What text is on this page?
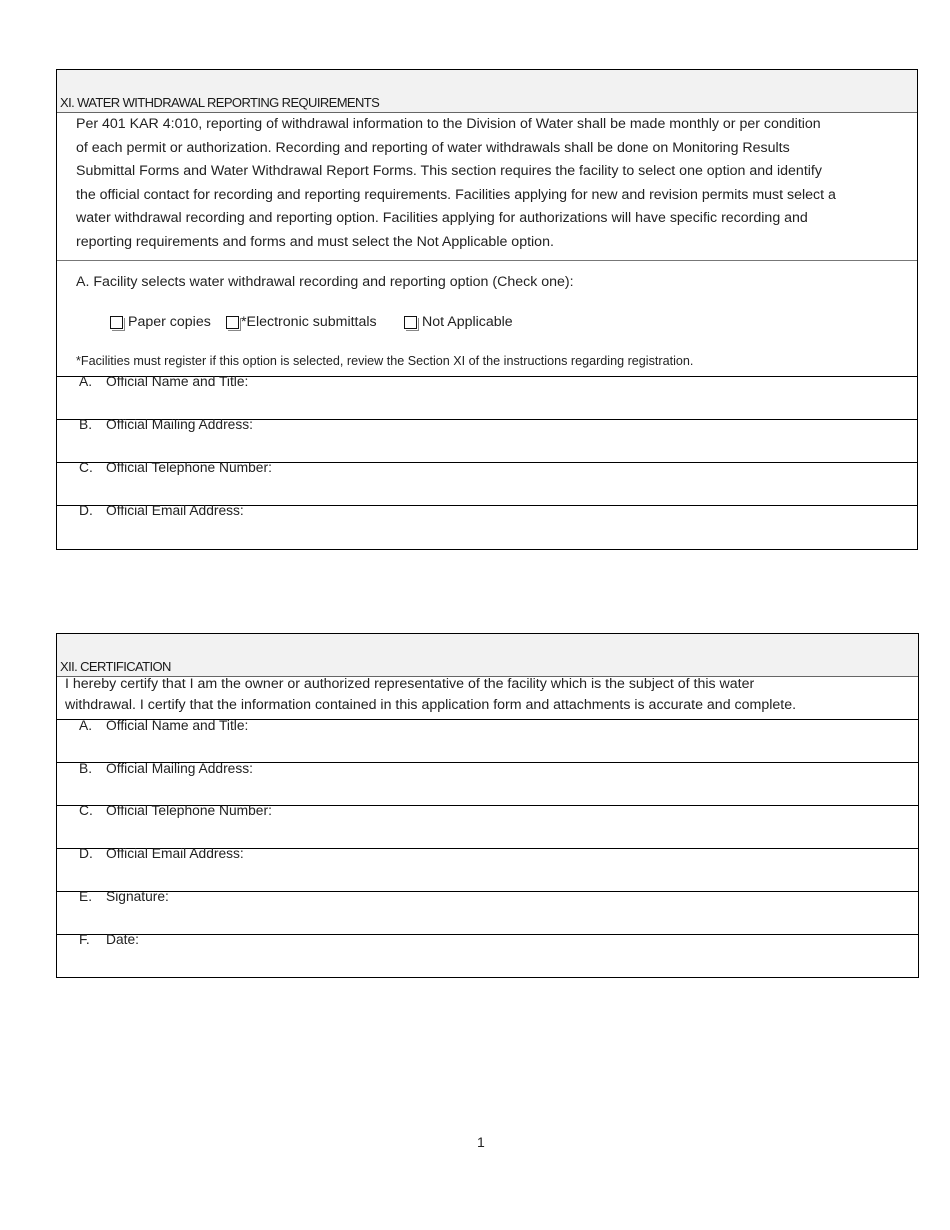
XI. WATER WITHDRAWAL REPORTING REQUIREMENTS
Per 401 KAR 4:010, reporting of withdrawal information to the Division of Water shall be made monthly or per condition
of each permit or authorization. Recording and reporting of water withdrawals shall be done on Monitoring Results
Submittal Forms and Water Withdrawal Report Forms. This section requires the facility to select one option and identify
the official contact for recording and reporting requirements. Facilities applying for new and revision permits must select a
water withdrawal recording and reporting option. Facilities applying for authorizations will have specific recording and
reporting requirements and forms and must select the Not Applicable option.
A. Facility selects water withdrawal recording and reporting option (Check one):
Paper copies *Electronic submittals	Not Applicable
*Facilities must register if this option is selected, review the Section XI of the instructions regarding registration.
A. Official Name and Title:
B. Official Mailing Address:
C. Official Telephone Number:
D. Official Email Address:
XII. CERTIFICATION
I hereby certify that I am the owner or authorized representative of the facility which is the subject of this water
withdrawal. I certify that the information contained in this application form and attachments is accurate and complete.
A. Official Name and Title:
B. Official Mailing Address:
C. Official Telephone Number:
D. Official Email Address:
E. Signature:
F. Date:
1
